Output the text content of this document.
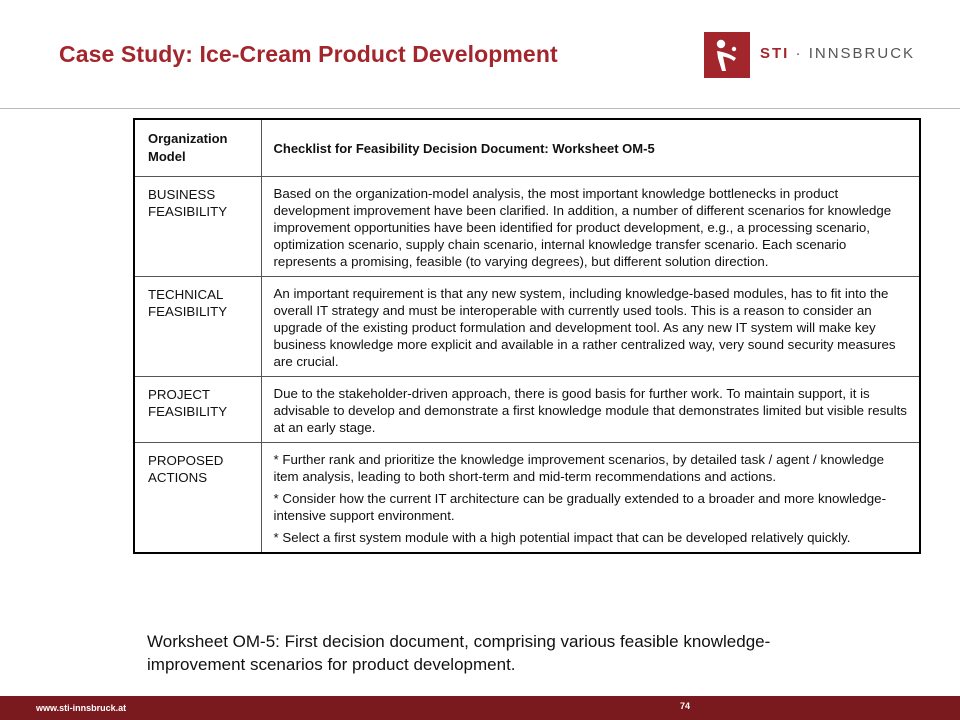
Case Study: Ice-Cream Product Development	STI · INNSBRUCK
Organization Model	Checklist for Feasibility Decision Document: Worksheet OM-5
BUSINESS FEASIBILITY	Based on the organization-model analysis, the most important knowledge bottlenecks in product development improvement have been clarified. In addition, a number of different scenarios for knowledge improvement opportunities have been identified for product development, e.g., a processing scenario, optimization scenario, supply chain scenario, internal knowledge transfer scenario. Each scenario represents a promising, feasible (to varying degrees), but different solution direction.

TECHNICAL FEASIBILITY	An important requirement is that any new system, including knowledge-based modules, has to fit into the overall IT strategy and must be interoperable with currently used tools. This is a reason to consider an upgrade of the existing product formulation and development tool. As any new IT system will make key business knowledge more explicit and available in a rather centralized way, very sound security measures are crucial.

PROJECT FEASIBILITY	Due to the stakeholder-driven approach, there is good basis for further work. To maintain support, it is advisable to develop and demonstrate a first knowledge module that demonstrates limited but visible results at an early stage.

PROPOSED ACTIONS	* Further rank and prioritize the knowledge improvement scenarios, by detailed task / agent / knowledge item analysis, leading to both short-term and mid-term recommendations and actions.

* Consider how the current IT architecture can be gradually extended to a broader and more knowledge-intensive support environment.

* Select a first system module with a high potential impact that can be developed relatively quickly.

Worksheet OM-5: First decision document, comprising various feasible knowledge-improvement scenarios for product development.
www.sti-innsbruck.at	74
